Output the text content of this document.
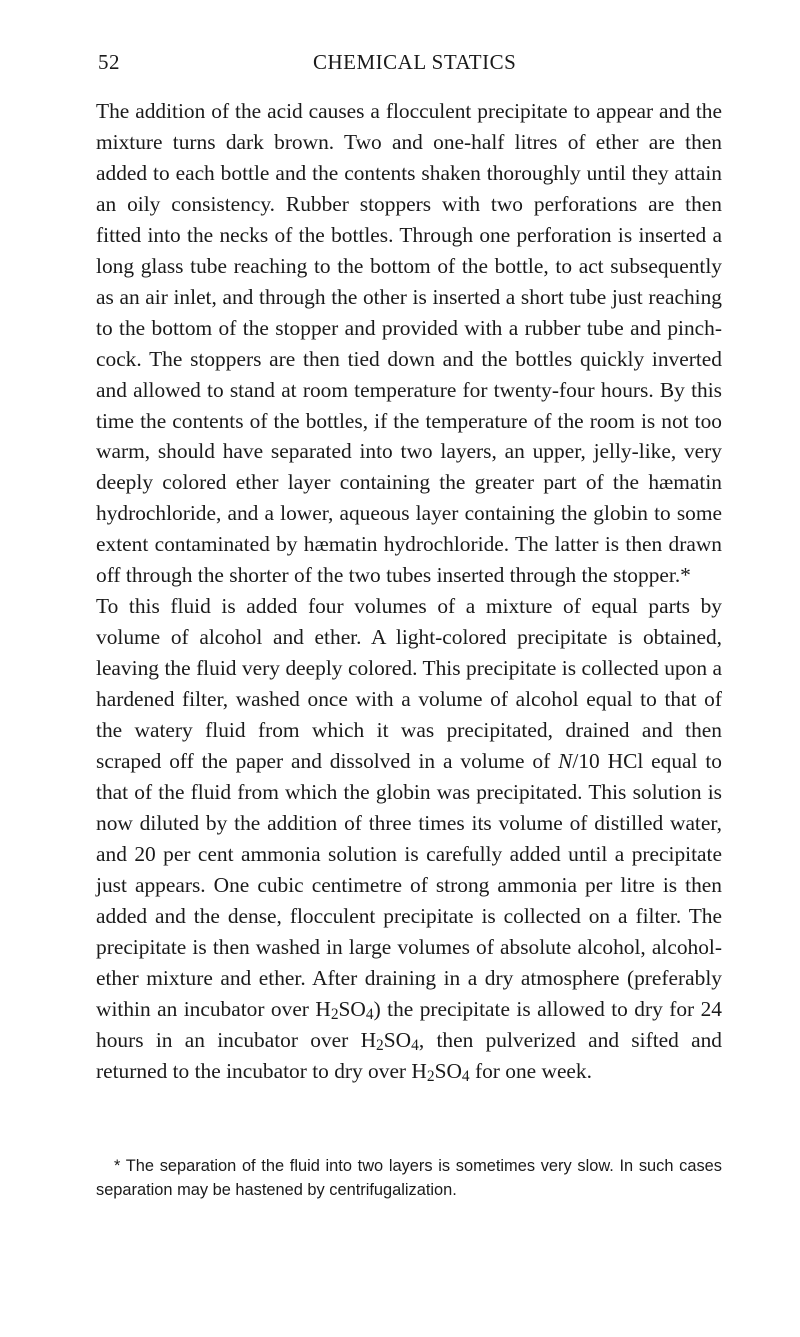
52	CHEMICAL STATICS

The addition of the acid causes a flocculent precipitate to appear and the mixture turns dark brown. Two and one-half litres of ether are then added to each bottle and the contents shaken thoroughly until they attain an oily consistency. Rubber stoppers with two perforations are then fitted into the necks of the bottles. Through one perforation is inserted a long glass tube reaching to the bottom of the bottle, to act subsequently as an air inlet, and through the other is inserted a short tube just reaching to the bottom of the stopper and provided with a rubber tube and pinch-cock. The stoppers are then tied down and the bottles quickly inverted and allowed to stand at room temperature for twenty-four hours. By this time the contents of the bottles, if the temperature of the room is not too warm, should have separated into two layers, an upper, jelly-like, very deeply colored ether layer containing the greater part of the hæmatin hydrochloride, and a lower, aqueous layer containing the globin to some extent contaminated by hæmatin hydrochloride. The latter is then drawn off through the shorter of the two tubes inserted through the stopper.*

To this fluid is added four volumes of a mixture of equal parts by volume of alcohol and ether. A light-colored precipitate is obtained, leaving the fluid very deeply colored. This precipitate is collected upon a hardened filter, washed once with a volume of alcohol equal to that of the watery fluid from which it was precipitated, drained and then scraped off the paper and dissolved in a volume of N/10 HCl equal to that of the fluid from which the globin was precipitated. This solution is now diluted by the addition of three times its volume of distilled water, and 20 per cent ammonia solution is carefully added until a precipitate just appears. One cubic centimetre of strong ammonia per litre is then added and the dense, flocculent precipitate is collected on a filter. The precipitate is then washed in large volumes of absolute alcohol, alcohol-ether mixture and ether. After draining in a dry atmosphere (preferably within an incubator over $H_2SO_4$) the precipitate is allowed to dry for 24 hours in an incubator over $H_2SO_4$, then pulverized and sifted and returned to the incubator to dry over $H_2SO_4$ for one week.

* The separation of the fluid into two layers is sometimes very slow. In such cases separation may be hastened by centrifugalization.
